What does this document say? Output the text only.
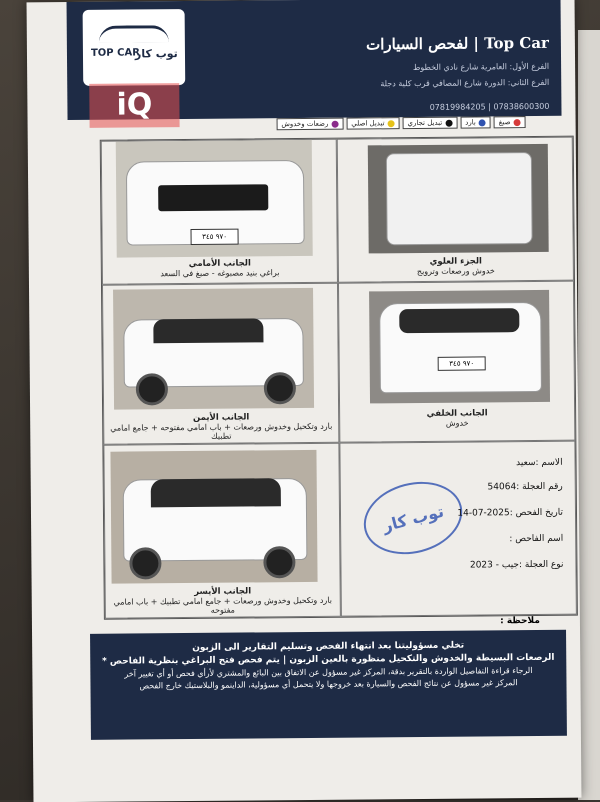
TOP CAR
توب كار
Top Car | لفحص السيارات
الفرع الأول: العامرية شارع نادي الخطوط
الفرع الثاني: الدورة شارع المصافي قرب كلية دجلة
07819984205 | 07838600300
iQ	صبغ
بارد
تبديل تجاري
تبديل اصلي
رضعات وخدوش
٩٧٠ ٣٤٥
الجانب الأمامي
براغي بنيد مصبوغه - صبغ في السعد
الجزء العلوي
خدوش ورصعات وترويج
الجانب الأيمن
بارد وتكحيل وخدوش ورصعات + باب امامي مفتوحه + جامع امامي تطبيك
٩٧٠ ٣٤٥
الجانب الخلفي
خدوش
الجانب الأيسر
بارد وتكحيل وخدوش ورصعات + جامع امامي تطبيك + باب امامي مفتوحه
توب كار
الاسم :سعيد
رقم العجلة :54064
تاريخ الفحص :2025-07-14
اسم الفاحص :
نوع العجلة :جيب - 2023
ملاحظة :
تخلي مسؤوليتنا بعد انتهاء الفحص وتسليم التقارير الى الزبون
الرصعات البسيطة والخدوش والتكحيل منظورة بالعين الزبون | يتم فحص فتح البراغي بنظرية الفاحص *
الرجاء قراءة التفاصيل الواردة بالتقرير بدقة، المركز غير مسؤول عن الاتفاق بين البائع والمشتري لأرأي فحص أو أي تغيير آخر
المركز غير مسؤول عن نتائج الفحص والسيارة بعد خروجها ولا يتحمل أي مسؤولية، الداينمو والبلاستيك خارج الفحص
